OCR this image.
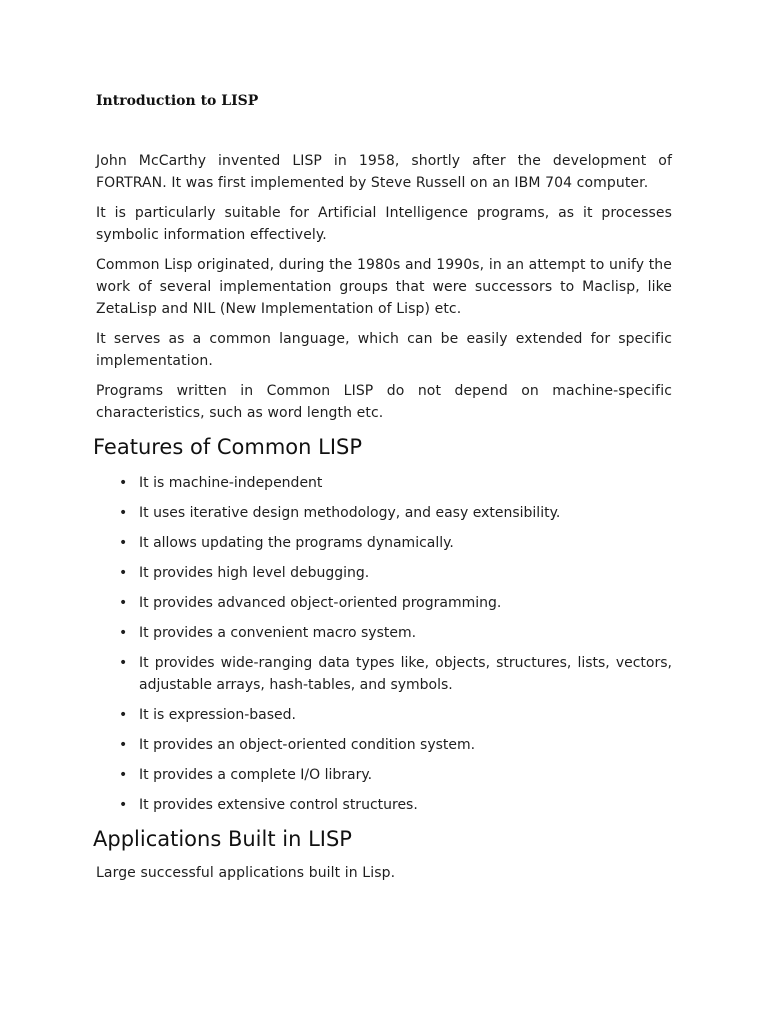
Introduction to LISP

John McCarthy invented LISP in 1958, shortly after the development of FORTRAN. It was first implemented by Steve Russell on an IBM 704 computer.

It is particularly suitable for Artificial Intelligence programs, as it processes symbolic information effectively.

Common Lisp originated, during the 1980s and 1990s, in an attempt to unify the work of several implementation groups that were successors to Maclisp, like ZetaLisp and NIL (New Implementation of Lisp) etc.

It serves as a common language, which can be easily extended for specific implementation.

Programs written in Common LISP do not depend on machine-specific characteristics, such as word length etc.

Features of Common LISP
• It is machine-independent
• It uses iterative design methodology, and easy extensibility.
• It allows updating the programs dynamically.
• It provides high level debugging.
• It provides advanced object-oriented programming.
• It provides a convenient macro system.
• It provides wide-ranging data types like, objects, structures, lists, vectors, adjustable arrays, hash-tables, and symbols.
• It is expression-based.
• It provides an object-oriented condition system.
• It provides a complete I/O library.
• It provides extensive control structures.
Applications Built in LISP

Large successful applications built in Lisp.
